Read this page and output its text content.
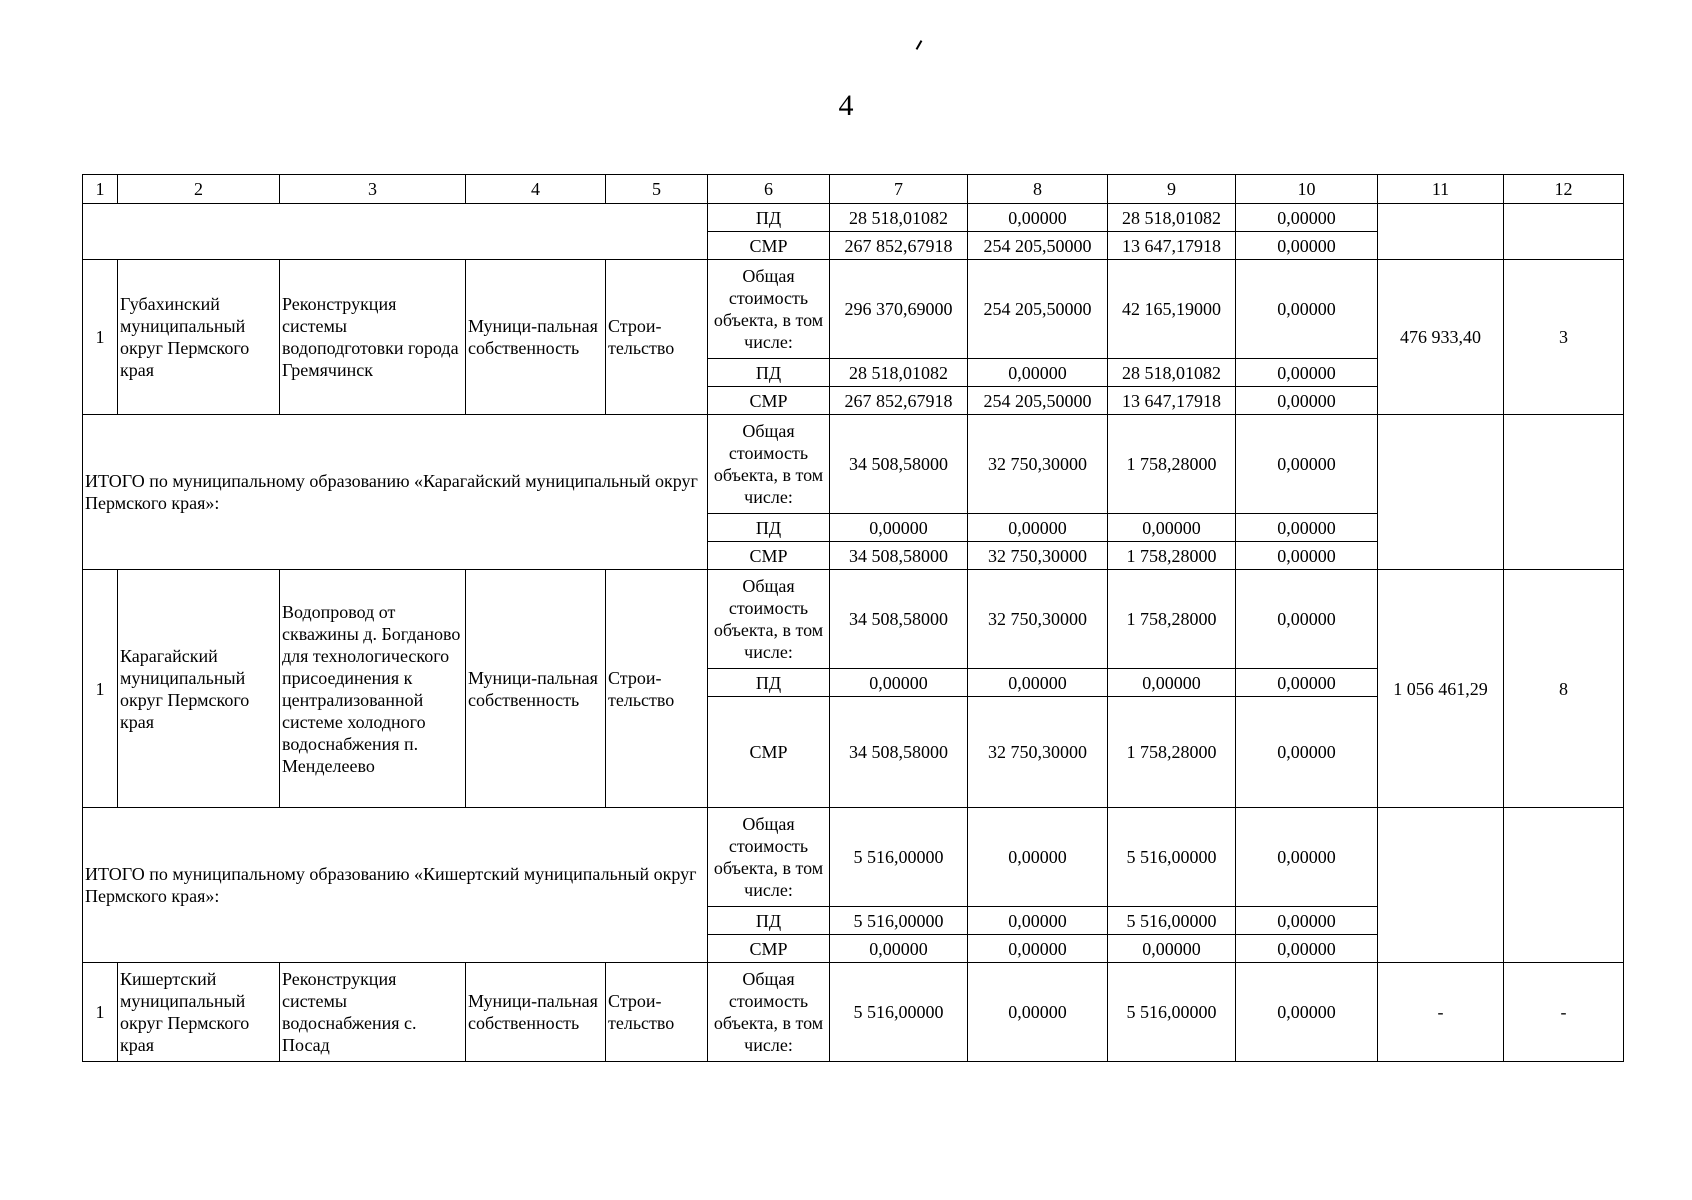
4
1	2	3	4	5	6	7	8	9	10	11	12
					ПД	28 518,01082	0,00000	28 518,01082	0,00000		
					СМР	267 852,67918	254 205,50000	13 647,17918	0,00000		
1	Губахинский муниципальный округ Пермского края	Реконструкция системы водоподготовки города Гремячинск	Муници-пальная собственность	Строи-тельство	Общая стоимость объекта, в том числе:	296 370,69000	254 205,50000	42 165,19000	0,00000	476 933,40	3
					ПД	28 518,01082	0,00000	28 518,01082	0,00000		
					СМР	267 852,67918	254 205,50000	13 647,17918	0,00000		
ИТОГО по муниципальному образованию «Карагайский муниципальный округ Пермского края»:					Общая стоимость объекта, в том числе:	34 508,58000	32 750,30000	1 758,28000	0,00000		
					ПД	0,00000	0,00000	0,00000	0,00000		
					СМР	34 508,58000	32 750,30000	1 758,28000	0,00000		
1	Карагайский муниципальный округ Пермского края	Водопровод от скважины д. Богданово для технологического присоединения к централизованной системе холодного водоснабжения п. Менделеево	Муници-пальная собственность	Строи-тельство	Общая стоимость объекта, в том числе:	34 508,58000	32 750,30000	1 758,28000	0,00000	1 056 461,29	8
					ПД	0,00000	0,00000	0,00000	0,00000		
					СМР	34 508,58000	32 750,30000	1 758,28000	0,00000		
ИТОГО по муниципальному образованию «Кишертский муниципальный округ Пермского края»:					Общая стоимость объекта, в том числе:	5 516,00000	0,00000	5 516,00000	0,00000		
					ПД	5 516,00000	0,00000	5 516,00000	0,00000		
					СМР	0,00000	0,00000	0,00000	0,00000		
1	Кишертский муниципальный округ Пермского края	Реконструкция системы водоснабжения с. Посад	Муници-пальная собственность	Строи-тельство	Общая стоимость объекта, в том числе:	5 516,00000	0,00000	5 516,00000	0,00000	-	-
